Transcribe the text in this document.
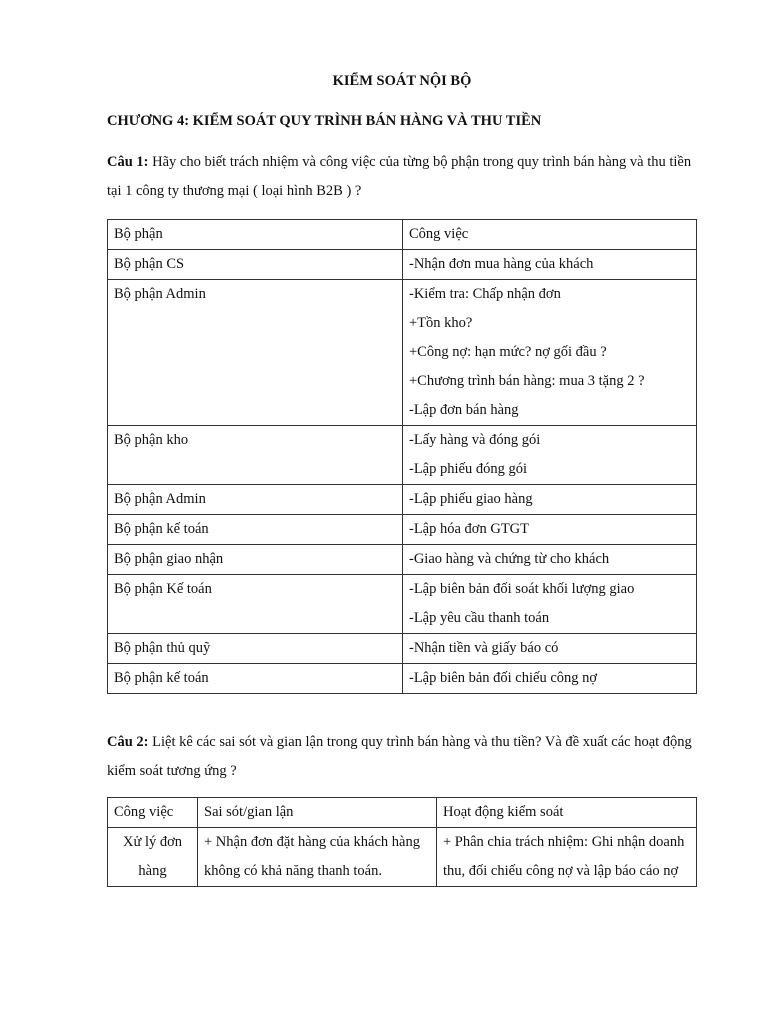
KIỂM SOÁT NỘI BỘ
CHƯƠNG 4: KIỂM SOÁT QUY TRÌNH BÁN HÀNG VÀ THU TIỀN
Câu 1: Hãy cho biết trách nhiệm và công việc của từng bộ phận trong quy trình bán hàng và thu tiền tại 1 công ty thương mại ( loại hình B2B ) ?
Bộ phận	Công việc
Bộ phận CS	-Nhận đơn mua hàng của khách

Bộ phận Admin	-Kiểm tra: Chấp nhận đơn
+Tồn kho?
+Công nợ: hạn mức? nợ gối đầu ?
+Chương trình bán hàng: mua 3 tặng 2 ?
-Lập đơn bán hàng

Bộ phận kho	-Lấy hàng và đóng gói
-Lập phiếu đóng gói

Bộ phận Admin	-Lập phiếu giao hàng

Bộ phận kế toán	-Lập hóa đơn GTGT

Bộ phận giao nhận	-Giao hàng và chứng từ cho khách

Bộ phận Kế toán	-Lập biên bản đối soát khối lượng giao
-Lập yêu cầu thanh toán

Bộ phận thủ quỹ	-Nhận tiền và giấy báo có

Bộ phận kế toán	-Lập biên bản đối chiếu công nợ
Câu 2: Liệt kê các sai sót và gian lận trong quy trình bán hàng và thu tiền? Và đề xuất các hoạt động kiểm soát tương ứng ?
Công việc	Sai sót/gian lận	Hoạt động kiểm soát
Xử lý đơn hàng	+ Nhận đơn đặt hàng của khách hàng không có khả năng thanh toán.	+ Phân chia trách nhiệm: Ghi nhận doanh thu, đối chiếu công nợ và lập báo cáo nợ
